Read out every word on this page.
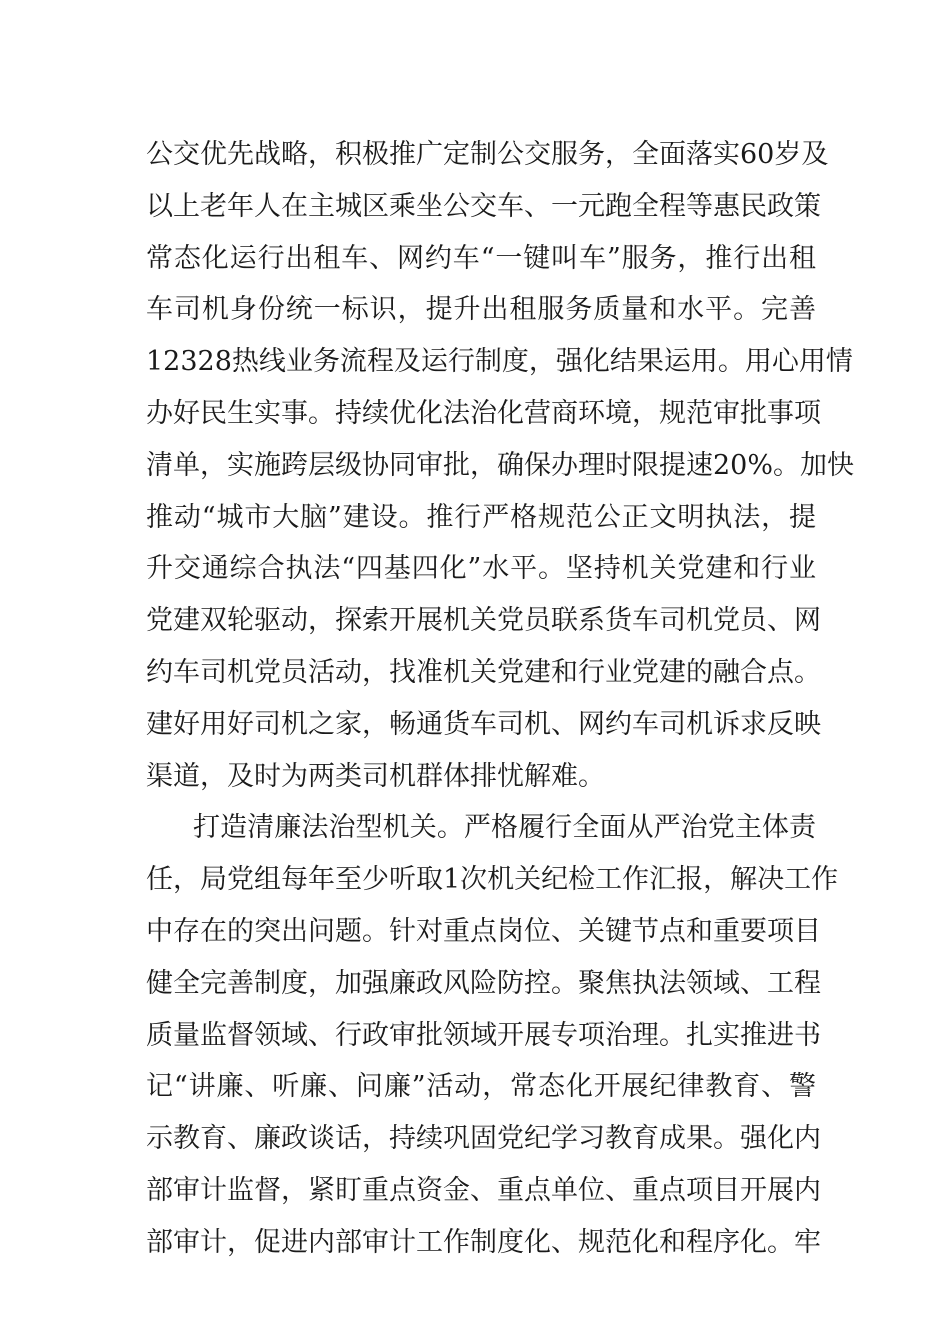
公交优先战略，积极推广定制公交服务，全面落实60岁及
以上老年人在主城区乘坐公交车、一元跑全程等惠民政策
常态化运行出租车、网约车“一键叫车”服务，推行出租
车司机身份统一标识，提升出租服务质量和水平。完善
12328热线业务流程及运行制度，强化结果运用。用心用情
办好民生实事。持续优化法治化营商环境，规范审批事项
清单，实施跨层级协同审批，确保办理时限提速20%。加快
推动“城市大脑”建设。推行严格规范公正文明执法，提
升交通综合执法“四基四化”水平。坚持机关党建和行业
党建双轮驱动，探索开展机关党员联系货车司机党员、网
约车司机党员活动，找准机关党建和行业党建的融合点。
建好用好司机之家，畅通货车司机、网约车司机诉求反映
渠道，及时为两类司机群体排忧解难。
打造清廉法治型机关。严格履行全面从严治党主体责
任，局党组每年至少听取1次机关纪检工作汇报，解决工作
中存在的突出问题。针对重点岗位、关键节点和重要项目
健全完善制度，加强廉政风险防控。聚焦执法领域、工程
质量监督领域、行政审批领域开展专项治理。扎实推进书
记“讲廉、听廉、问廉”活动，常态化开展纪律教育、警
示教育、廉政谈话，持续巩固党纪学习教育成果。强化内
部审计监督，紧盯重点资金、重点单位、重点项目开展内
部审计，促进内部审计工作制度化、规范化和程序化。牢
